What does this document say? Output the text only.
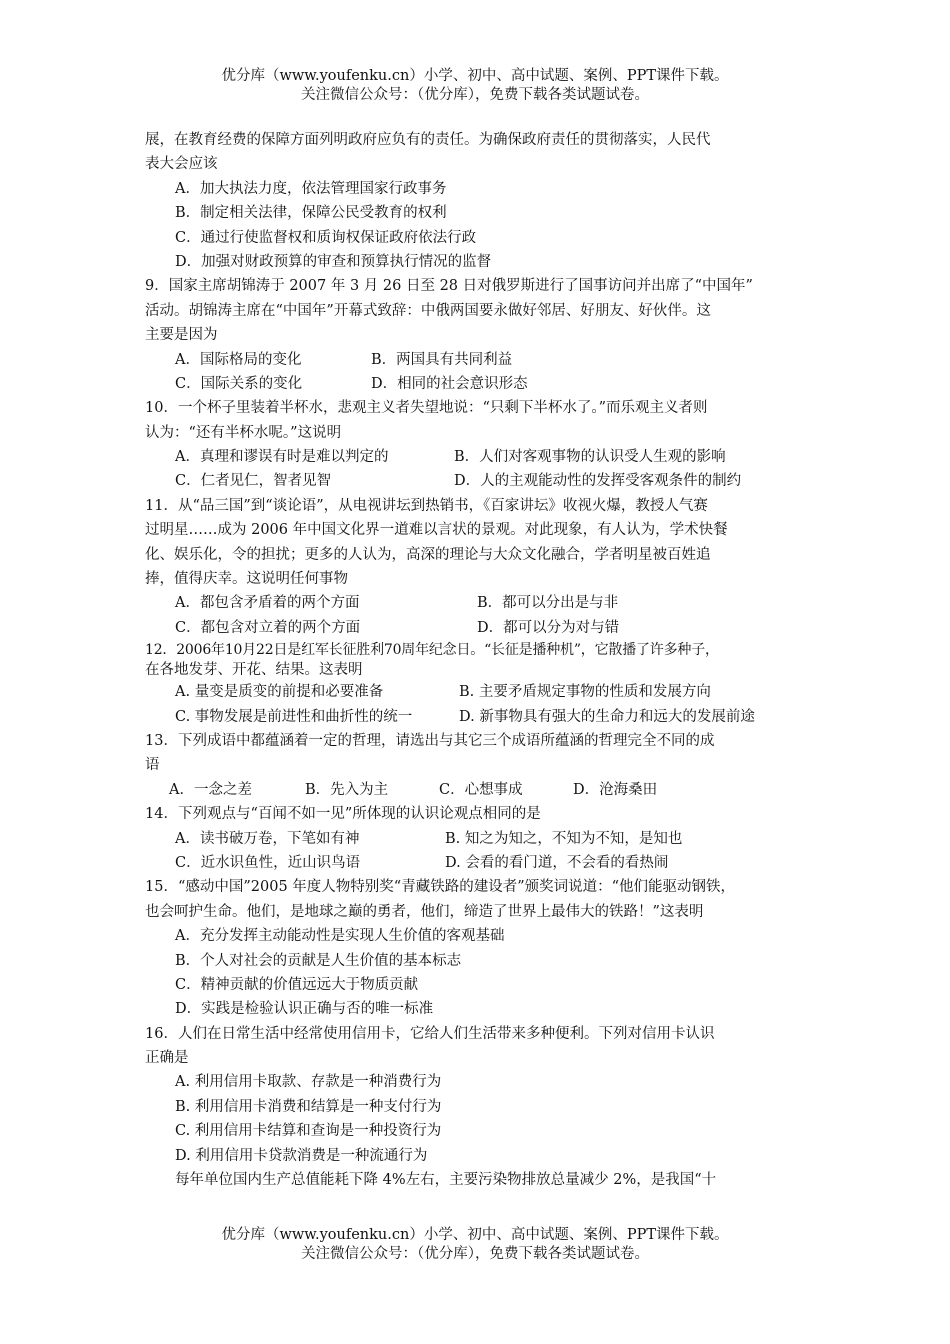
优分库（www.youfenku.cn）小学、初中、高中试题、案例、PPT课件下载。
关注微信公众号：（优分库），免费下载各类试题试卷。
展，在教育经费的保障方面列明政府应负有的责任。为确保政府责任的贯彻落实，人民代
表大会应该
A．加大执法力度，依法管理国家行政事务
B．制定相关法律，保障公民受教育的权利
C．通过行使监督权和质询权保证政府依法行政
D．加强对财政预算的审查和预算执行情况的监督
9．国家主席胡锦涛于 2007 年 3 月 26 日至 28 日对俄罗斯进行了国事访问并出席了“中国年”
活动。胡锦涛主席在“中国年”开幕式致辞：中俄两国要永做好邻居、好朋友、好伙伴。这
主要是因为
A．国际格局的变化	B．两国具有共同利益
C．国际关系的变化	D．相同的社会意识形态
10．一个杯子里装着半杯水，悲观主义者失望地说：“只剩下半杯水了。”而乐观主义者则
认为：“还有半杯水呢。”这说明
A．真理和谬误有时是难以判定的	B．人们对客观事物的认识受人生观的影响
C．仁者见仁，智者见智	D．人的主观能动性的发挥受客观条件的制约
11．从“品三国”到“谈论语”，从电视讲坛到热销书，《百家讲坛》收视火爆，教授人气赛
过明星……成为 2006 年中国文化界一道难以言状的景观。对此现象，有人认为，学术快餐
化、娱乐化，令的担扰；更多的人认为，高深的理论与大众文化融合，学者明星被百姓追
捧，值得庆幸。这说明任何事物
A．都包含矛盾着的两个方面	B．都可以分出是与非
C．都包含对立着的两个方面	D．都可以分为对与错
12．2006年10月22日是红军长征胜利70周年纪念日。“长征是播种机”，它散播了许多种子，
在各地发芽、开花、结果。这表明
A. 量变是质变的前提和必要准备	B. 主要矛盾规定事物的性质和发展方向
C. 事物发展是前进性和曲折性的统一	D. 新事物具有强大的生命力和远大的发展前途
13．下列成语中都蕴涵着一定的哲理，请选出与其它三个成语所蕴涵的哲理完全不同的成
语
A．一念之差	B．先入为主	C．心想事成	D．沧海桑田
14．下列观点与“百闻不如一见”所体现的认识论观点相同的是
A．读书破万卷，下笔如有神	B. 知之为知之，不知为不知，是知也
C．近水识鱼性，近山识鸟语	D. 会看的看门道，不会看的看热闹
15．“感动中国”2005 年度人物特别奖“青藏铁路的建设者”颁奖词说道：“他们能驱动钢铁，
也会呵护生命。他们，是地球之巅的勇者，他们，缔造了世界上最伟大的铁路！”这表明
A．充分发挥主动能动性是实现人生价值的客观基础
B．个人对社会的贡献是人生价值的基本标志
C．精神贡献的价值远远大于物质贡献
D．实践是检验认识正确与否的唯一标准
16．人们在日常生活中经常使用信用卡，它给人们生活带来多种便利。下列对信用卡认识
正确是
A. 利用信用卡取款、存款是一种消费行为
B. 利用信用卡消费和结算是一种支付行为
C. 利用信用卡结算和查询是一种投资行为
D. 利用信用卡贷款消费是一种流通行为
每年单位国内生产总值能耗下降 4%左右，主要污染物排放总量减少 2%，是我国“十
优分库（www.youfenku.cn）小学、初中、高中试题、案例、PPT课件下载。
关注微信公众号：（优分库），免费下载各类试题试卷。
